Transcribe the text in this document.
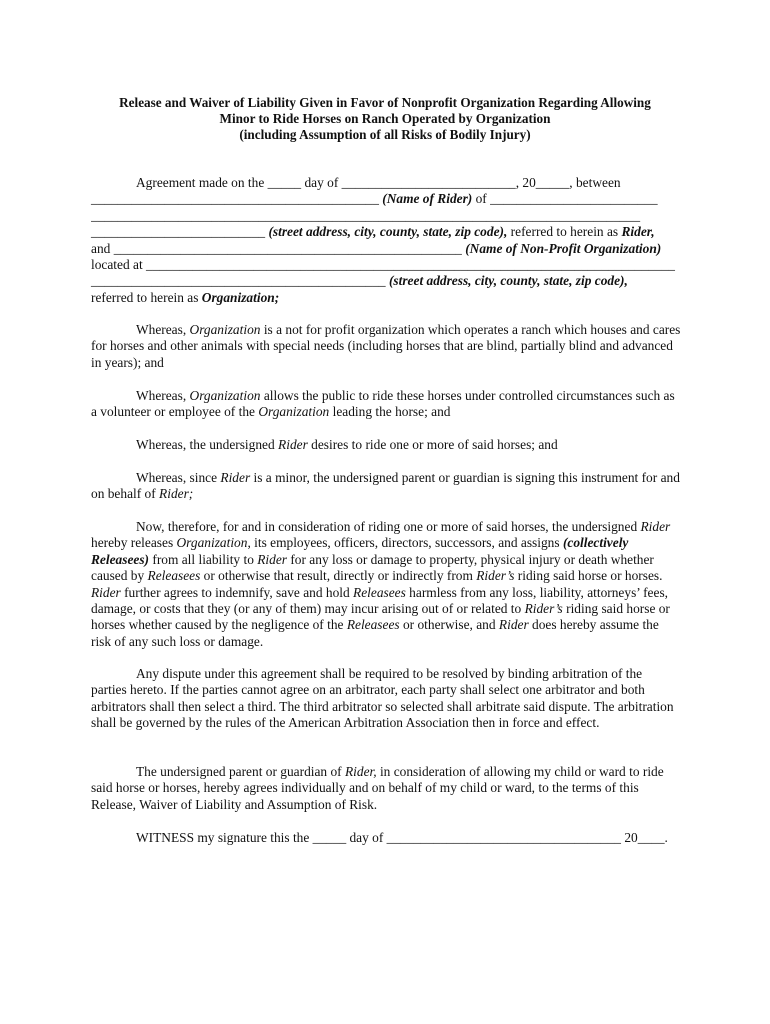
Release and Waiver of Liability Given in Favor of Nonprofit Organization Regarding Allowing
Minor to Ride Horses on Ranch Operated by Organization
(including Assumption of all Risks of Bodily Injury)
Agreement made on the _____ day of __________________________, 20_____, between
___________________________________________ (Name of Rider) of _________________________
__________________________________________________________________________________
__________________________ (street address, city, county, state, zip code), referred to herein as Rider,
and ____________________________________________________ (Name of Non-Profit Organization)
located at _______________________________________________________________________________
____________________________________________ (street address, city, county, state, zip code),
referred to herein as Organization;

Whereas, Organization is a not for profit organization which operates a ranch which houses and cares for horses and other animals with special needs (including horses that are blind, partially blind and advanced in years); and

Whereas, Organization allows the public to ride these horses under controlled circumstances such as a volunteer or employee of the Organization leading the horse; and

Whereas, the undersigned Rider desires to ride one or more of said horses; and

Whereas, since Rider is a minor, the undersigned parent or guardian is signing this instrument for and on behalf of Rider;

Now, therefore, for and in consideration of riding one or more of said horses, the undersigned Rider hereby releases Organization, its employees, officers, directors, successors, and assigns (collectively Releasees) from all liability to Rider for any loss or damage to property, physical injury or death whether caused by Releasees or otherwise that result, directly or indirectly from Rider’s riding said horse or horses. Rider further agrees to indemnify, save and hold Releasees harmless from any loss, liability, attorneys’ fees, damage, or costs that they (or any of them) may incur arising out of or related to Rider’s riding said horse or horses whether caused by the negligence of the Releasees or otherwise, and Rider does hereby assume the risk of any such loss or damage.

Any dispute under this agreement shall be required to be resolved by binding arbitration of the parties hereto. If the parties cannot agree on an arbitrator, each party shall select one arbitrator and both arbitrators shall then select a third. The third arbitrator so selected shall arbitrate said dispute. The arbitration shall be governed by the rules of the American Arbitration Association then in force and effect.

The undersigned parent or guardian of Rider, in consideration of allowing my child or ward to ride said horse or horses, hereby agrees individually and on behalf of my child or ward, to the terms of this Release, Waiver of Liability and Assumption of Risk.

WITNESS my signature this the _____ day of ___________________________________ 20____.
